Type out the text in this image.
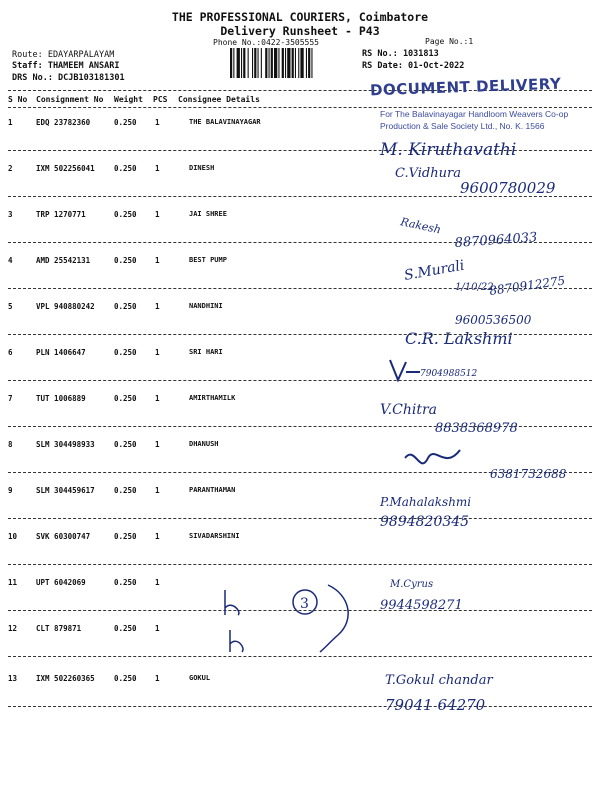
THE PROFESSIONAL COURIERS, Coimbatore
Delivery Runsheet - P43
Phone No.:0422-3505555	Page No.:1
Route: EDAYARPALAYAM
Staff: THAMEEM ANSARI
DRS No.: DCJB103181301
RS No.: 1031813
RS Date: 01-Oct-2022
S No Consignment No Weight PCS Consignee Details
1	EDQ 23782360	0.250 1	THE BALAVINAYAGAR
2	IXM 502256041	0.250 1	DINESH
3	TRP 1270771	0.250 1	JAI SHREE
4	AMD 25542131	0.250 1	BEST PUMP
5	VPL 940880242	0.250 1	NANDHINI
6	PLN 1406647	0.250 1	SRI HARI
7	TUT 1006889	0.250 1	AMIRTHAMILK
8	SLM 304498933	0.250 1	DHANUSH
9	SLM 304459617	0.250 1	PARANTHAMAN
10	SVK 60300747	0.250 1	SIVADARSHINI
11	UPT 6042069	0.250 1
12	CLT 879871	0.250 1
13	IXM 502260365	0.250 1	GOKUL
DOCUMENT DELIVERY
For The Balavinayagar Handloom Weavers Co-op
Production & Sale Society Ltd., No. K. 1566
M. Kiruthavathi
C.Vidhura
9600780029
Rakesh
8870964033
S.Murali
1/10/22
8870912275
9600536500
C.R. Lakshmi
7904988512
V.Chitra
8838368978
6381732688
P.Mahalakshmi
9894820345
M.Cyrus
9944598271
3
T.Gokul chandar
79041 64270
